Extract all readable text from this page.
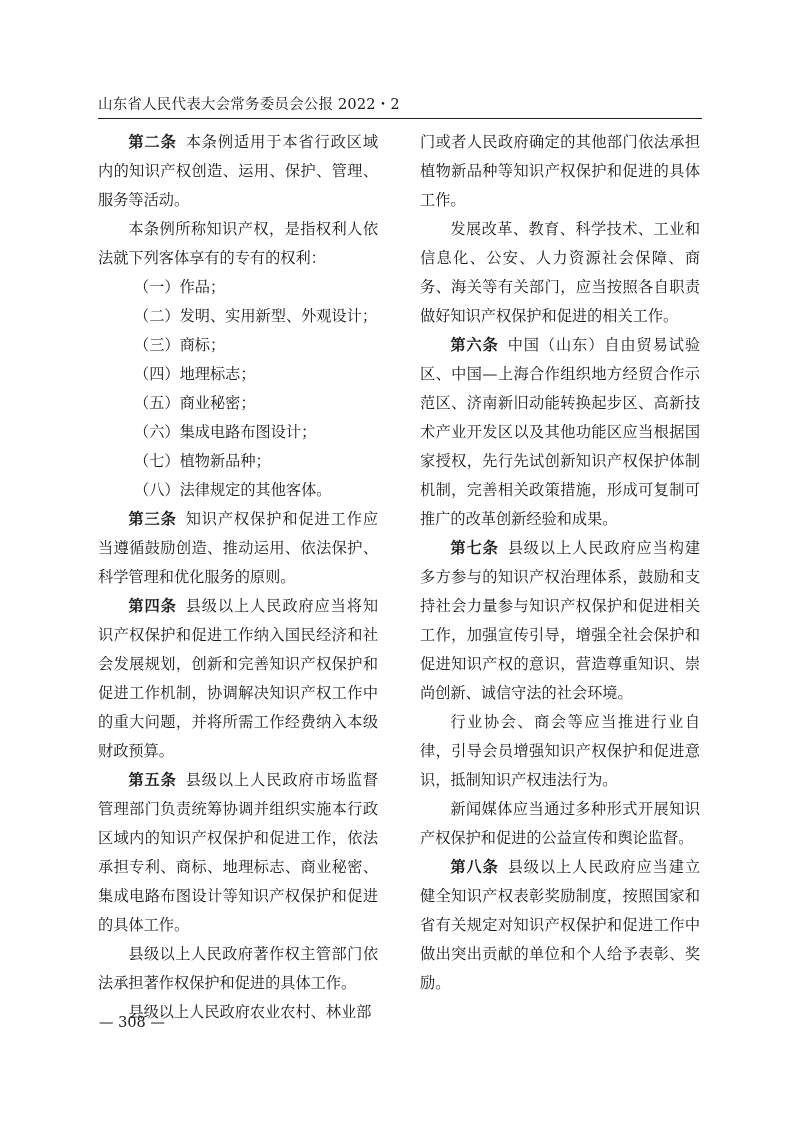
山东省人民代表大会常务委员会公报 2022・2

第二条 本条例适用于本省行政区域内的知识产权创造、运用、保护、管理、服务等活动。

本条例所称知识产权，是指权利人依法就下列客体享有的专有的权利：

（一）作品；

（二）发明、实用新型、外观设计；

（三）商标；

（四）地理标志；

（五）商业秘密；

（六）集成电路布图设计；

（七）植物新品种；

（八）法律规定的其他客体。

第三条 知识产权保护和促进工作应当遵循鼓励创造、推动运用、依法保护、科学管理和优化服务的原则。

第四条 县级以上人民政府应当将知识产权保护和促进工作纳入国民经济和社会发展规划，创新和完善知识产权保护和促进工作机制，协调解决知识产权工作中的重大问题，并将所需工作经费纳入本级财政预算。

第五条 县级以上人民政府市场监督管理部门负责统筹协调并组织实施本行政区域内的知识产权保护和促进工作，依法承担专利、商标、地理标志、商业秘密、集成电路布图设计等知识产权保护和促进的具体工作。

县级以上人民政府著作权主管部门依法承担著作权保护和促进的具体工作。

县级以上人民政府农业农村、林业部

门或者人民政府确定的其他部门依法承担植物新品种等知识产权保护和促进的具体工作。

发展改革、教育、科学技术、工业和信息化、公安、人力资源社会保障、商务、海关等有关部门，应当按照各自职责做好知识产权保护和促进的相关工作。

第六条 中国（山东）自由贸易试验区、中国—上海合作组织地方经贸合作示范区、济南新旧动能转换起步区、高新技术产业开发区以及其他功能区应当根据国家授权，先行先试创新知识产权保护体制机制，完善相关政策措施，形成可复制可推广的改革创新经验和成果。

第七条 县级以上人民政府应当构建多方参与的知识产权治理体系，鼓励和支持社会力量参与知识产权保护和促进相关工作，加强宣传引导，增强全社会保护和促进知识产权的意识，营造尊重知识、崇尚创新、诚信守法的社会环境。

行业协会、商会等应当推进行业自律，引导会员增强知识产权保护和促进意识，抵制知识产权违法行为。

新闻媒体应当通过多种形式开展知识产权保护和促进的公益宣传和舆论监督。

第八条 县级以上人民政府应当建立健全知识产权表彰奖励制度，按照国家和省有关规定对知识产权保护和促进工作中做出突出贡献的单位和个人给予表彰、奖励。

— 308 —
